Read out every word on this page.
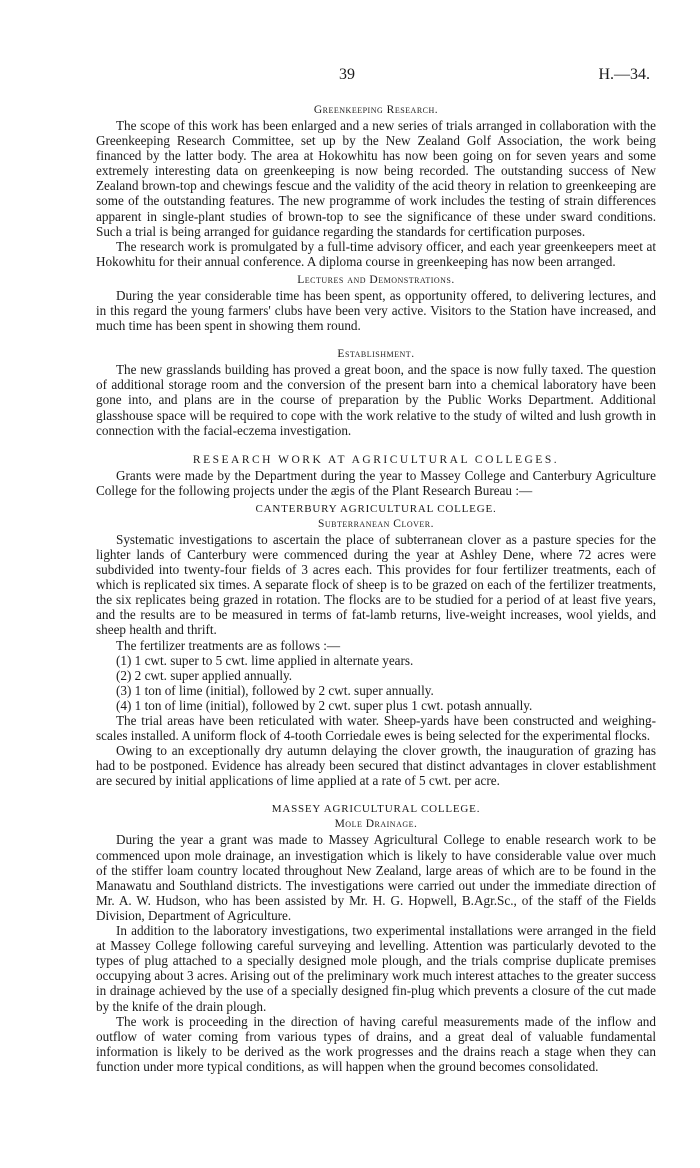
39	H.—34.
Greenkeeping Research.

The scope of this work has been enlarged and a new series of trials arranged in collaboration with the Greenkeeping Research Committee, set up by the New Zealand Golf Association, the work being financed by the latter body. The area at Hokowhitu has now been going on for seven years and some extremely interesting data on greenkeeping is now being recorded. The outstanding success of New Zealand brown-top and chewings fescue and the validity of the acid theory in relation to greenkeeping are some of the outstanding features. The new programme of work includes the testing of strain differences apparent in single-plant studies of brown-top to see the significance of these under sward conditions. Such a trial is being arranged for guidance regarding the standards for certification purposes.

The research work is promulgated by a full-time advisory officer, and each year greenkeepers meet at Hokowhitu for their annual conference. A diploma course in greenkeeping has now been arranged.

Lectures and Demonstrations.

During the year considerable time has been spent, as opportunity offered, to delivering lectures, and in this regard the young farmers' clubs have been very active. Visitors to the Station have increased, and much time has been spent in showing them round.

Establishment.

The new grasslands building has proved a great boon, and the space is now fully taxed. The question of additional storage room and the conversion of the present barn into a chemical laboratory have been gone into, and plans are in the course of preparation by the Public Works Department. Additional glasshouse space will be required to cope with the work relative to the study of wilted and lush growth in connection with the facial-eczema investigation.

RESEARCH WORK AT AGRICULTURAL COLLEGES.

Grants were made by the Department during the year to Massey College and Canterbury Agriculture College for the following projects under the ægis of the Plant Research Bureau :—

CANTERBURY AGRICULTURAL COLLEGE.
Subterranean Clover.

Systematic investigations to ascertain the place of subterranean clover as a pasture species for the lighter lands of Canterbury were commenced during the year at Ashley Dene, where 72 acres were subdivided into twenty-four fields of 3 acres each. This provides for four fertilizer treatments, each of which is replicated six times. A separate flock of sheep is to be grazed on each of the fertilizer treatments, the six replicates being grazed in rotation. The flocks are to be studied for a period of at least five years, and the results are to be measured in terms of fat-lamb returns, live-weight increases, wool yields, and sheep health and thrift.

The fertilizer treatments are as follows :—

(1) 1 cwt. super to 5 cwt. lime applied in alternate years.
(2) 2 cwt. super applied annually.
(3) 1 ton of lime (initial), followed by 2 cwt. super annually.
(4) 1 ton of lime (initial), followed by 2 cwt. super plus 1 cwt. potash annually.

The trial areas have been reticulated with water. Sheep-yards have been constructed and weighing-scales installed. A uniform flock of 4-tooth Corriedale ewes is being selected for the experimental flocks.

Owing to an exceptionally dry autumn delaying the clover growth, the inauguration of grazing has had to be postponed. Evidence has already been secured that distinct advantages in clover establishment are secured by initial applications of lime applied at a rate of 5 cwt. per acre.

MASSEY AGRICULTURAL COLLEGE.
Mole Drainage.

During the year a grant was made to Massey Agricultural College to enable research work to be commenced upon mole drainage, an investigation which is likely to have considerable value over much of the stiffer loam country located throughout New Zealand, large areas of which are to be found in the Manawatu and Southland districts. The investigations were carried out under the immediate direction of Mr. A. W. Hudson, who has been assisted by Mr. H. G. Hopwell, B.Agr.Sc., of the staff of the Fields Division, Department of Agriculture.

In addition to the laboratory investigations, two experimental installations were arranged in the field at Massey College following careful surveying and levelling. Attention was particularly devoted to the types of plug attached to a specially designed mole plough, and the trials comprise duplicate premises occupying about 3 acres. Arising out of the preliminary work much interest attaches to the greater success in drainage achieved by the use of a specially designed fin-plug which prevents a closure of the cut made by the knife of the drain plough.

The work is proceeding in the direction of having careful measurements made of the inflow and outflow of water coming from various types of drains, and a great deal of valuable fundamental information is likely to be derived as the work progresses and the drains reach a stage when they can function under more typical conditions, as will happen when the ground becomes consolidated.
